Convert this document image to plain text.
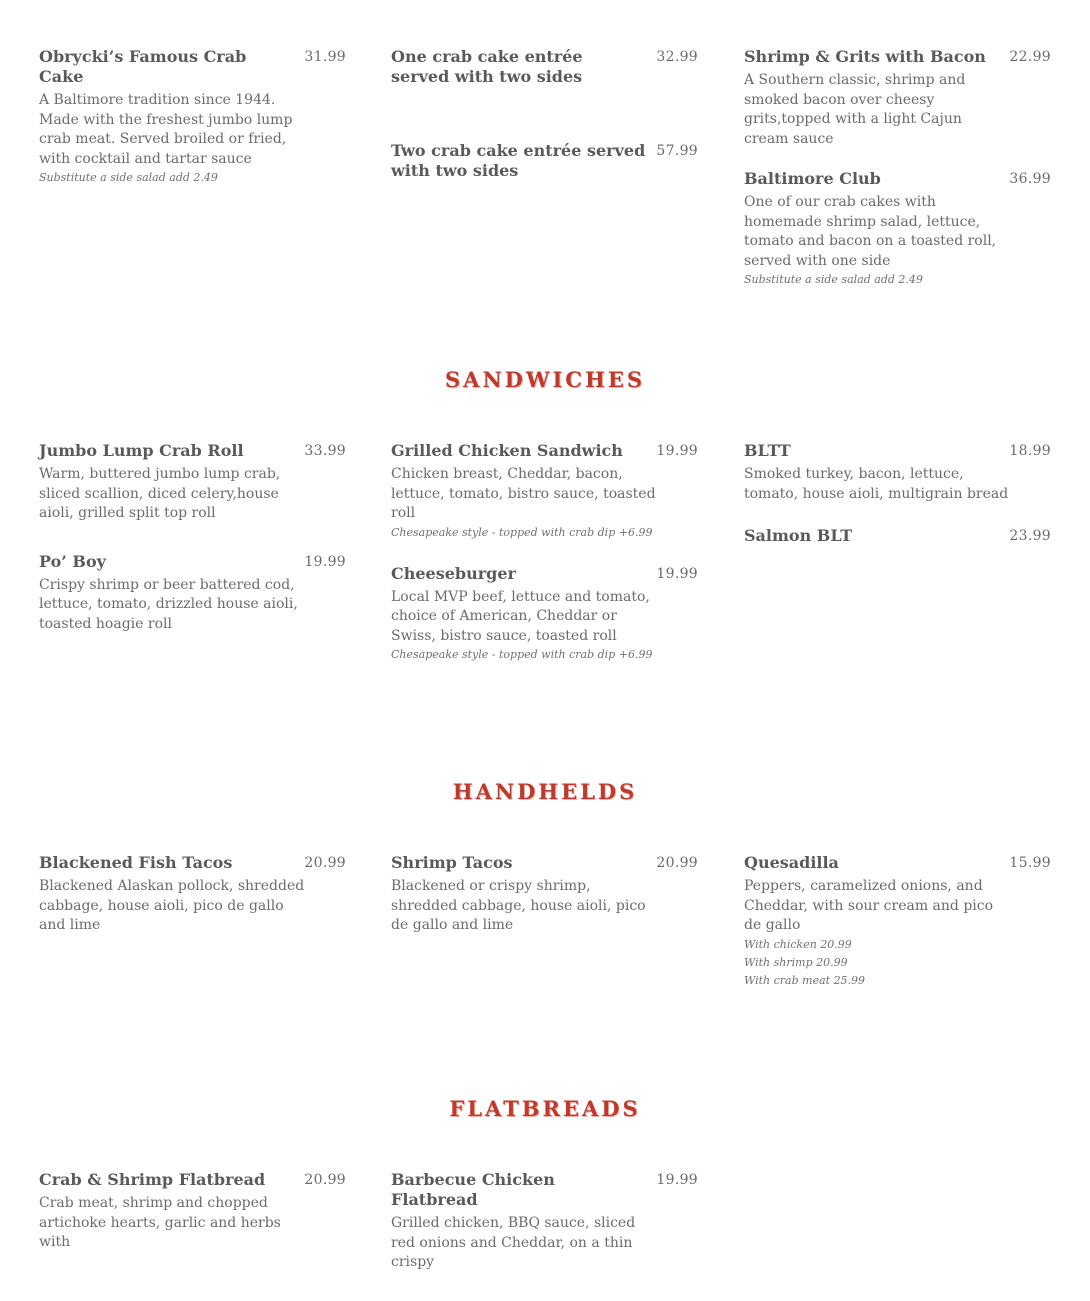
Obrycki’s Famous Crab Cake
31.99
A Baltimore tradition since 1944. Made with the freshest jumbo lump crab meat. Served broiled or fried, with cocktail and tartar sauce
Substitute a side salad add 2.49
One crab cake entrée served with two sides
32.99
Two crab cake entrée served with two sides
57.99
Shrimp & Grits with Bacon 22.99
A Southern classic, shrimp and smoked bacon over cheesy grits,topped with a light Cajun cream sauce
Baltimore Club	36.99
One of our crab cakes with homemade shrimp salad, lettuce, tomato and bacon on a toasted roll, served with one side
Substitute a side salad add 2.49
SANDWICHES
Jumbo Lump Crab Roll	33.99
Warm, buttered jumbo lump crab, sliced scallion, diced celery,house aioli, grilled split top roll
Po’ Boy	19.99
Crispy shrimp or beer battered cod, lettuce, tomato, drizzled house aioli, toasted hoagie roll
Grilled Chicken Sandwich 19.99
Chicken breast, Cheddar, bacon, lettuce, tomato, bistro sauce, toasted roll
Chesapeake style - topped with crab dip +6.99
Cheeseburger	19.99
Local MVP beef, lettuce and tomato, choice of American, Cheddar or Swiss, bistro sauce, toasted roll
Chesapeake style - topped with crab dip +6.99
BLTT	18.99
Smoked turkey, bacon, lettuce, tomato, house aioli, multigrain bread
Salmon BLT	23.99
HANDHELDS
Blackened Fish Tacos	20.99
Blackened Alaskan pollock, shredded cabbage, house aioli, pico de gallo and lime
Shrimp Tacos	20.99
Blackened or crispy shrimp, shredded cabbage, house aioli, pico de gallo and lime
Quesadilla	15.99
Peppers, caramelized onions, and Cheddar, with sour cream and pico de gallo
With chicken 20.99
With shrimp 20.99
With crab meat 25.99
FLATBREADS
Crab & Shrimp Flatbread	20.99
Crab meat, shrimp and chopped artichoke hearts, garlic and herbs with
Barbecue Chicken Flatbread
19.99
Grilled chicken, BBQ sauce, sliced red onions and Cheddar, on a thin crispy
